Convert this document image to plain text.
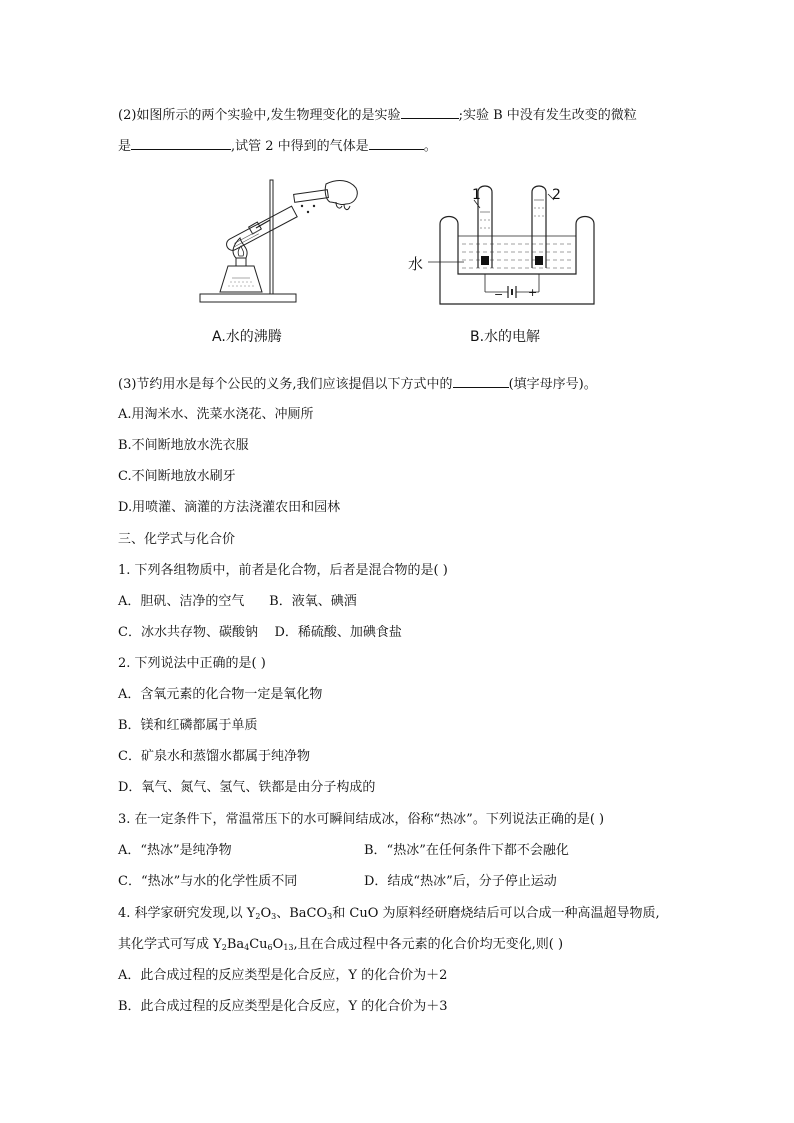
(2)如图所示的两个实验中,发生物理变化的是实验	;实验 B 中没有发生改变的微粒
是	,试管 2 中得到的气体是	。
A.水的沸腾
1	2
水
− +
B.水的电解
(3)节约用水是每个公民的义务,我们应该提倡以下方式中的	(填字母序号)。
A.用淘米水、洗菜水浇花、冲厕所
B.不间断地放水洗衣服
C.不间断地放水刷牙
D.用喷灌、滴灌的方法浇灌农田和园林
三、化学式与化合价
1. 下列各组物质中，前者是化合物，后者是混合物的是( )
A．胆矾、洁净的空气      B．液氧、碘酒
C．冰水共存物、碳酸钠    D．稀硫酸、加碘食盐
2. 下列说法中正确的是( )
A．含氧元素的化合物一定是氧化物
B．镁和红磷都属于单质
C．矿泉水和蒸馏水都属于纯净物
D．氧气、氮气、氢气、铁都是由分子构成的
3. 在一定条件下，常温常压下的水可瞬间结成冰，俗称“热冰”。下列说法正确的是( )
A．“热冰”是纯净物	B．“热冰”在任何条件下都不会融化
C．“热冰”与水的化学性质不同	D．结成“热冰”后，分子停止运动
4. 科学家研究发现,以 $Y_2O_3$、BaCO$_3$和 CuO 为原料经研磨烧结后可以合成一种高温超导物质,
其化学式可写成 $Y_2Ba_4Cu_6O_{13}$,且在合成过程中各元素的化合价均无变化,则( )
A．此合成过程的反应类型是化合反应，Y 的化合价为＋2
B．此合成过程的反应类型是化合反应，Y 的化合价为＋3
